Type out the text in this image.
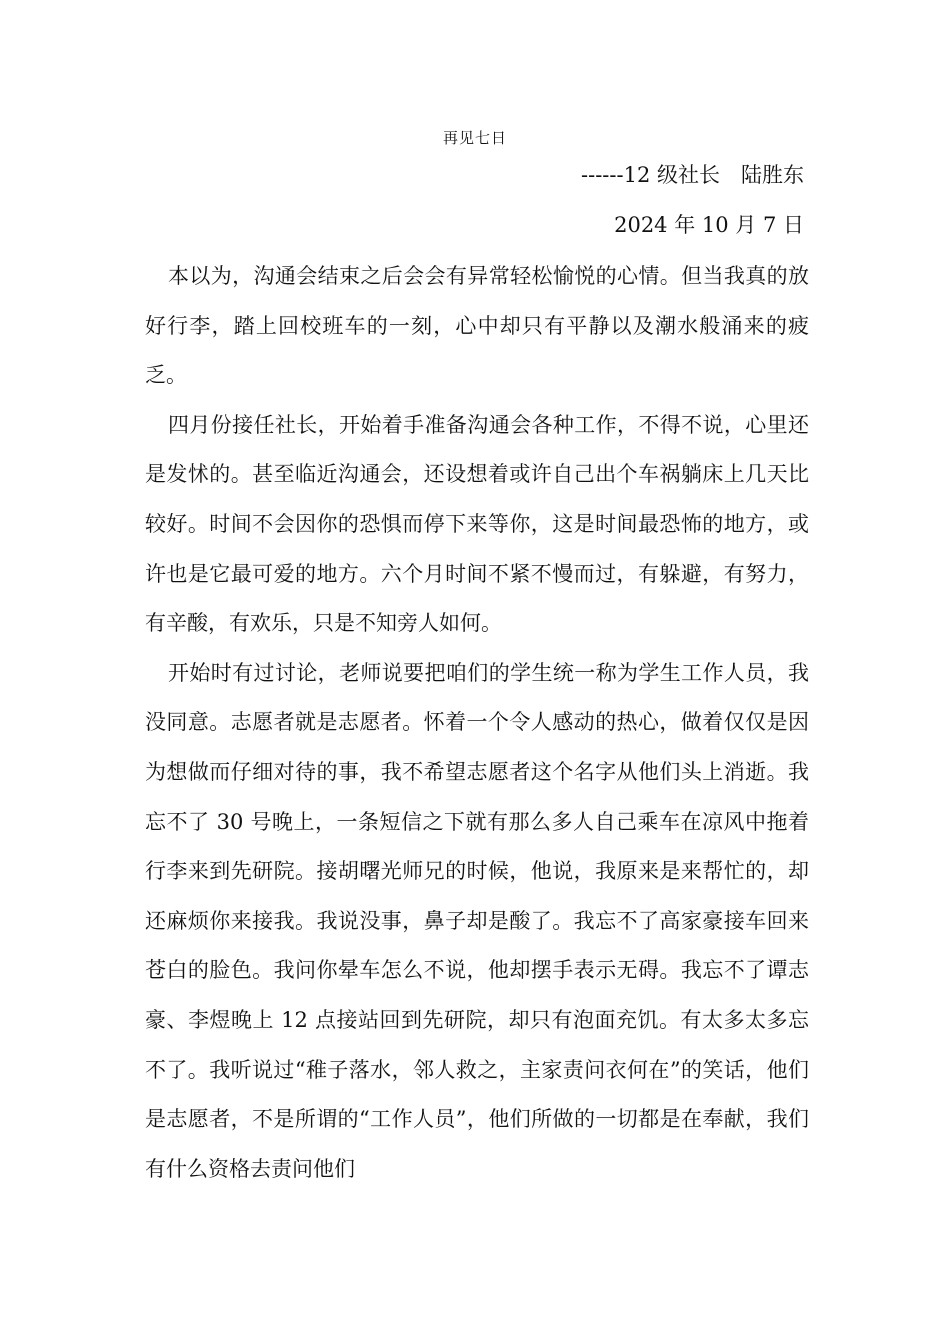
再见七日
------12 级社长　陆胜东
2024 年 10 月 7 日

本以为，沟通会结束之后会会有异常轻松愉悦的心情。但当我真的放好行李，踏上回校班车的一刻，心中却只有平静以及潮水般涌来的疲乏。

四月份接任社长，开始着手准备沟通会各种工作，不得不说，心里还是发怵的。甚至临近沟通会，还设想着或许自己出个车祸躺床上几天比较好。时间不会因你的恐惧而停下来等你，这是时间最恐怖的地方，或许也是它最可爱的地方。六个月时间不紧不慢而过，有躲避，有努力，有辛酸，有欢乐，只是不知旁人如何。

开始时有过讨论，老师说要把咱们的学生统一称为学生工作人员，我没同意。志愿者就是志愿者。怀着一个令人感动的热心，做着仅仅是因为想做而仔细对待的事，我不希望志愿者这个名字从他们头上消逝。我忘不了 30 号晚上，一条短信之下就有那么多人自己乘车在凉风中拖着行李来到先研院。接胡曙光师兄的时候，他说，我原来是来帮忙的，却还麻烦你来接我。我说没事，鼻子却是酸了。我忘不了高家豪接车回来苍白的脸色。我问你晕车怎么不说，他却摆手表示无碍。我忘不了谭志豪、李煜晚上 12 点接站回到先研院，却只有泡面充饥。有太多太多忘不了。我听说过“稚子落水，邻人救之，主家责问衣何在”的笑话，他们是志愿者，不是所谓的“工作人员”，他们所做的一切都是在奉献，我们有什么资格去责问他们
